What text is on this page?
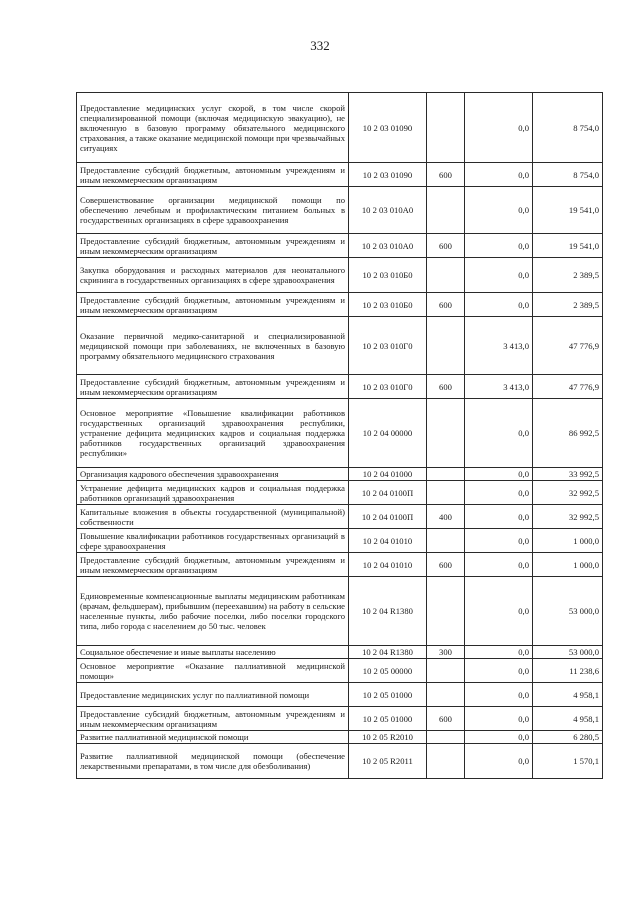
332
Предоставление медицинских услуг скорой, в том числе скорой специализированной помощи (включая медицинскую эвакуацию), не включенную в базовую программу обязательного медицинского страхования, а также оказание медицинской помощи при чрезвычайных ситуациях	10 2 03 01090		0,0	8 754,0
Предоставление субсидий бюджетным, автономным учреждениям и иным некоммерческим организациям	10 2 03 01090	600	0,0	8 754,0
Совершенствование организации медицинской помощи по обеспечению лечебным и профилактическим питанием больных в государственных организациях в сфере здравоохранения	10 2 03 010А0		0,0	19 541,0
Предоставление субсидий бюджетным, автономным учреждениям и иным некоммерческим организациям	10 2 03 010А0	600	0,0	19 541,0
Закупка оборудования и расходных материалов для неонатального скрининга в государственных организациях в сфере здравоохранения	10 2 03 010Б0		0,0	2 389,5
Предоставление субсидий бюджетным, автономным учреждениям и иным некоммерческим организациям	10 2 03 010Б0	600	0,0	2 389,5
Оказание первичной медико-санитарной и специализированной медицинской помощи при заболеваниях, не включенных в базовую программу обязательного медицинского страхования	10 2 03 010Г0		3 413,0	47 776,9
Предоставление субсидий бюджетным, автономным учреждениям и иным некоммерческим организациям	10 2 03 010Г0	600	3 413,0	47 776,9
Основное мероприятие «Повышение квалификации работников государственных организаций здравоохранения республики, устранение дефицита медицинских кадров и социальная поддержка работников государственных организаций здравоохранения республики»	10 2 04 00000		0,0	86 992,5
Организация кадрового обеспечения здравоохранения	10 2 04 01000		0,0	33 992,5
Устранение дефицита медицинских кадров и социальная поддержка работников организаций здравоохранения	10 2 04 0100П		0,0	32 992,5
Капитальные вложения в объекты государственной (муниципальной) собственности	10 2 04 0100П	400	0,0	32 992,5
Повышение квалификации работников государственных организаций в сфере здравоохранения	10 2 04 01010		0,0	1 000,0
Предоставление субсидий бюджетным, автономным учреждениям и иным некоммерческим организациям	10 2 04 01010	600	0,0	1 000,0
Единовременные компенсационные выплаты медицинским работникам (врачам, фельдшерам), прибывшим (переехавшим) на работу в сельские населенные пункты, либо рабочие поселки, либо поселки городского типа, либо города с населением до 50 тыс. человек	10 2 04 R1380		0,0	53 000,0
Социальное обеспечение и иные выплаты населению	10 2 04 R1380	300	0,0	53 000,0
Основное мероприятие «Оказание паллиативной медицинской помощи»	10 2 05 00000		0,0	11 238,6
Предоставление медицинских услуг по паллиативной помощи	10 2 05 01000		0,0	4 958,1
Предоставление субсидий бюджетным, автономным учреждениям и иным некоммерческим организациям	10 2 05 01000	600	0,0	4 958,1
Развитие паллиативной медицинской помощи	10 2 05 R2010		0,0	6 280,5
Развитие паллиативной медицинской помощи (обеспечение лекарственными препаратами, в том числе для обезболивания)	10 2 05 R2011		0,0	1 570,1
